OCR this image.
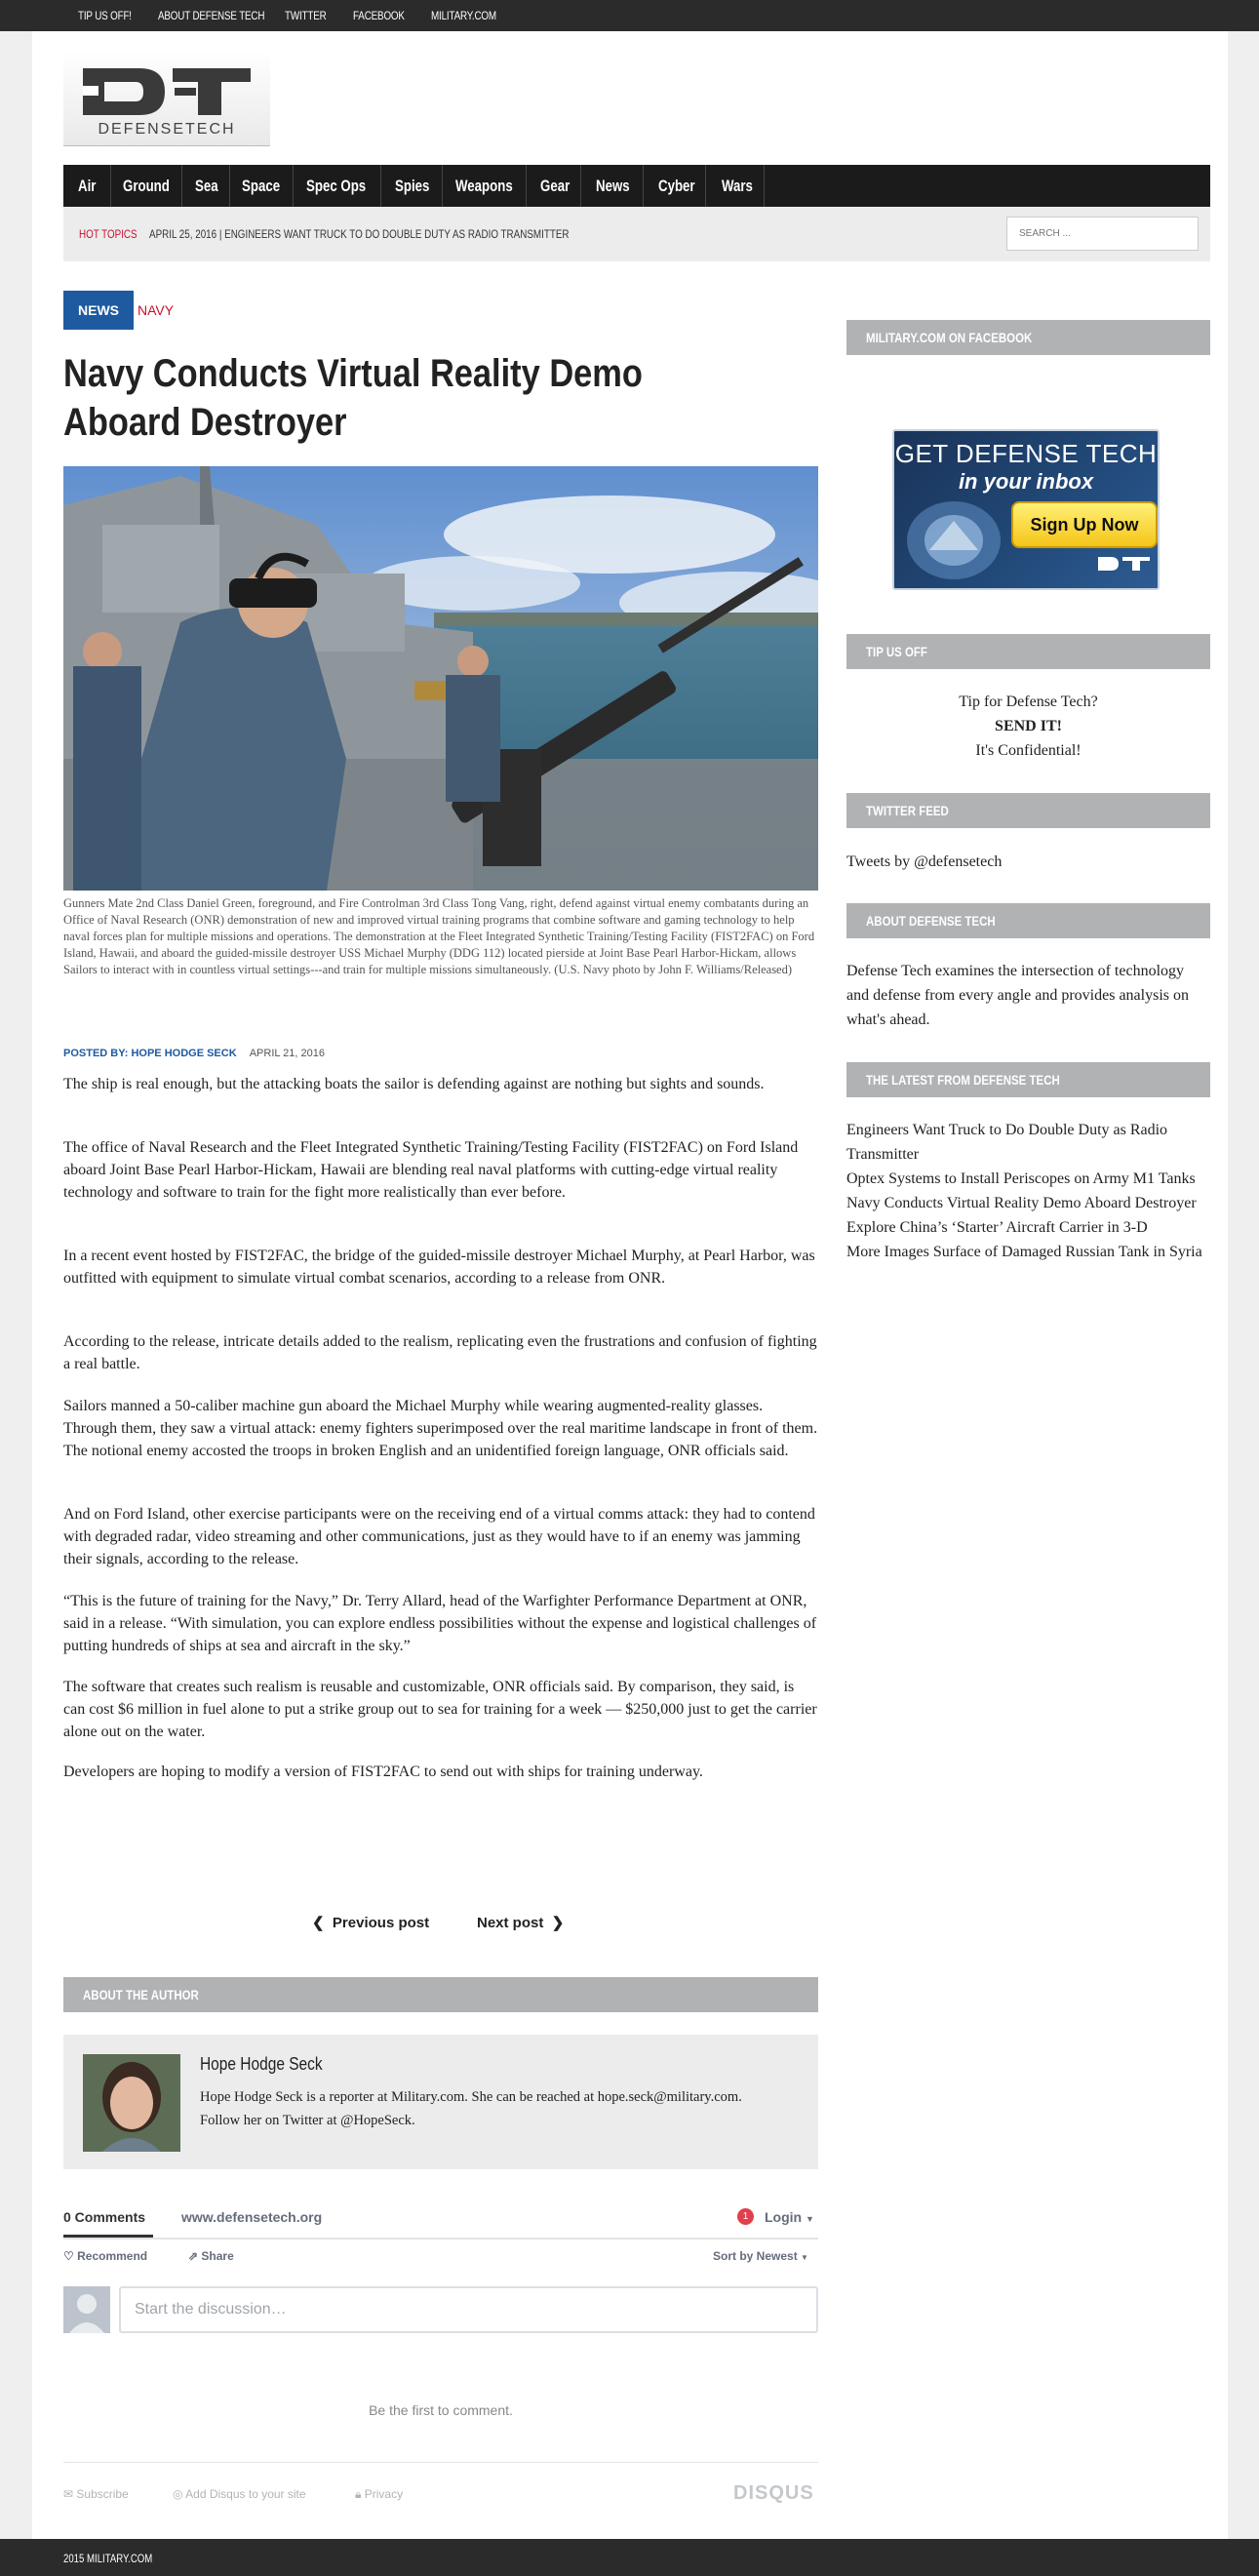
TIP US OFF! ABOUT DEFENSE TECH TWITTER FACEBOOK MILITARY.COM
DEFENSETECH
Air Ground Sea Space Spec Ops Spies Weapons Gear News Cyber Wars
HOT TOPICS APRIL 25, 2016 | ENGINEERS WANT TRUCK TO DO DOUBLE DUTY AS RADIO TRANSMITTER
SEARCH ...
NEWS	NAVY
Navy Conducts Virtual Reality Demo Aboard Destroyer

Gunners Mate 2nd Class Daniel Green, foreground, and Fire Controlman 3rd Class Tong Vang, right, defend against virtual enemy combatants during an Office of Naval Research (ONR) demonstration of new and improved virtual training programs that combine software and gaming technology to help naval forces plan for multiple missions and operations. The demonstration at the Fleet Integrated Synthetic Training/Testing Facility (FIST2FAC) on Ford Island, Hawaii, and aboard the guided-missile destroyer USS Michael Murphy (DDG 112) located pierside at Joint Base Pearl Harbor-Hickam, allows Sailors to interact with in countless virtual settings---and train for multiple missions simultaneously. (U.S. Navy photo by John F. Williams/Released)

POSTED BY: HOPE HODGE SECK APRIL 21, 2016

The ship is real enough, but the attacking boats the sailor is defending against are nothing but sights and sounds.

The office of Naval Research and the Fleet Integrated Synthetic Training/Testing Facility (FIST2FAC) on Ford Island aboard Joint Base Pearl Harbor-Hickam, Hawaii are blending real naval platforms with cutting-edge virtual reality technology and software to train for the fight more realistically than ever before.

In a recent event hosted by FIST2FAC, the bridge of the guided-missile destroyer Michael Murphy, at Pearl Harbor, was outfitted with equipment to simulate virtual combat scenarios, according to a release from ONR.

According to the release, intricate details added to the realism, replicating even the frustrations and confusion of fighting a real battle.

Sailors manned a 50-caliber machine gun aboard the Michael Murphy while wearing augmented-reality glasses. Through them, they saw a virtual attack: enemy fighters superimposed over the real maritime landscape in front of them. The notional enemy accosted the troops in broken English and an unidentified foreign language, ONR officials said.

And on Ford Island, other exercise participants were on the receiving end of a virtual comms attack: they had to contend with degraded radar, video streaming and other communications, just as they would have to if an enemy was jamming their signals, according to the release.

“This is the future of training for the Navy,” Dr. Terry Allard, head of the Warfighter Performance Department at ONR, said in a release. “With simulation, you can explore endless possibilities without the expense and logistical challenges of putting hundreds of ships at sea and aircraft in the sky.”

The software that creates such realism is reusable and customizable, ONR officials said. By comparison, they said, is can cost $6 million in fuel alone to put a strike group out to sea for training for a week — $250,000 just to get the carrier alone out on the water.

Developers are hoping to modify a version of FIST2FAC to send out with ships for training underway.

❮ Previous post	Next post ❯
ABOUT THE AUTHOR
Hope Hodge Seck

Hope Hodge Seck is a reporter at Military.com. She can be reached at hope.seck@military.com. Follow her on Twitter at @HopeSeck.

0 Comments	www.defensetech.org	1	Login ▼
♡ Recommend	⇗ Share	Sort by Newest ▼
Start the discussion…
Be the first to comment.
✉ Subscribe	◎ Add Disqus to your site	🔒︎ Privacy	DISQUS
MILITARY.COM ON FACEBOOK
GET DEFENSE TECH
in your inbox
Sign Up Now
TIP US OFF
Tip for Defense Tech?
SEND IT!
It's Confidential!
TWITTER FEED
Tweets by @defensetech
ABOUT DEFENSE TECH

Defense Tech examines the intersection of technology and defense from every angle and provides analysis on what's ahead.

THE LATEST FROM DEFENSE TECH
Engineers Want Truck to Do Double Duty as Radio Transmitter
Optex Systems to Install Periscopes on Army M1 Tanks
Navy Conducts Virtual Reality Demo Aboard Destroyer
Explore China’s ‘Starter’ Aircraft Carrier in 3-D
More Images Surface of Damaged Russian Tank in Syria
2015 MILITARY.COM
